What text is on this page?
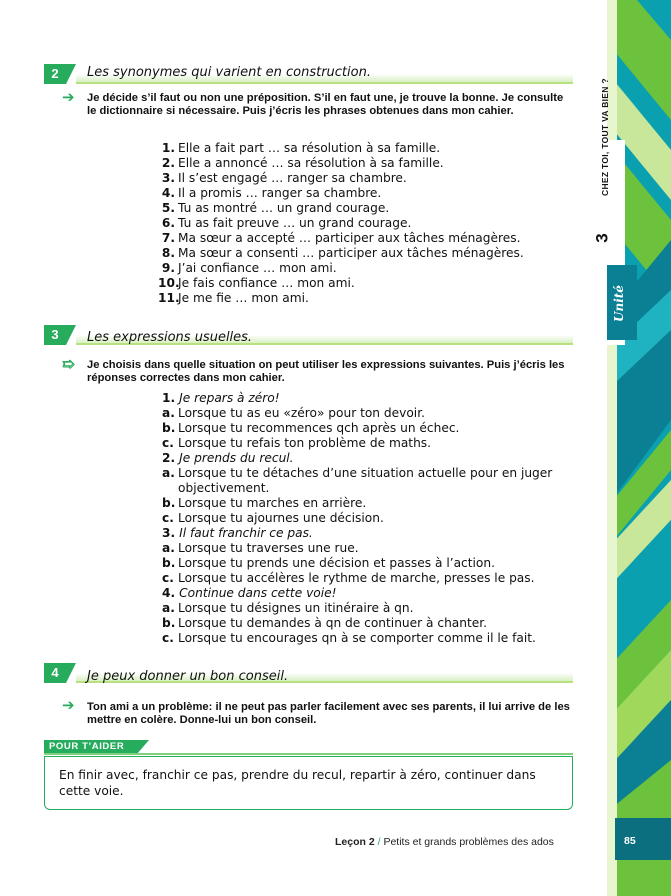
CHEZ TOI, TOUT VA BIEN ?
3
Unité
85
2	Les synonymes qui varient en construction.
➔ Je décide s’il faut ou non une préposition. S’il en faut une, je trouve la bonne. Je consulte le dictionnaire si nécessaire. Puis j’écris les phrases obtenues dans mon cahier.
1. Elle a fait part … sa résolution à sa famille.
2. Elle a annoncé … sa résolution à sa famille.
3. Il s’est engagé … ranger sa chambre.
4. Il a promis … ranger sa chambre.
5. Tu as montré … un grand courage.
6. Tu as fait preuve … un grand courage.
7. Ma sœur a accepté … participer aux tâches ménagères.
8. Ma sœur a consenti … participer aux tâches ménagères.
9. J’ai confiance … mon ami.
10.Je fais confiance … mon ami.
11.Je me fie … mon ami.
3	Les expressions usuelles.
➯ Je choisis dans quelle situation on peut utiliser les expressions suivantes. Puis j’écris les réponses correctes dans mon cahier.
1. Je repars à zéro!
a. Lorsque tu as eu «zéro» pour ton devoir.
b. Lorsque tu recommences qch après un échec.
c. Lorsque tu refais ton problème de maths.
2. Je prends du recul.
a. Lorsque tu te détaches d’une situation actuelle pour en juger objectivement.
b. Lorsque tu marches en arrière.
c. Lorsque tu ajournes une décision.
3. Il faut franchir ce pas.
a. Lorsque tu traverses une rue.
b. Lorsque tu prends une décision et passes à l’action.
c. Lorsque tu accélères le rythme de marche, presses le pas.
4. Continue dans cette voie!
a. Lorsque tu désignes un itinéraire à qn.
b. Lorsque tu demandes à qn de continuer à chanter.
c. Lorsque tu encourages qn à se comporter comme il le fait.
4	Je peux donner un bon conseil.
➔ Ton ami a un problème: il ne peut pas parler facilement avec ses parents, il lui arrive de les mettre en colère. Donne-lui un bon conseil.
POUR T’AIDER
En finir avec, franchir ce pas, prendre du recul, repartir à zéro, continuer dans cette voie.
Leçon 2 / Petits et grands problèmes des ados
